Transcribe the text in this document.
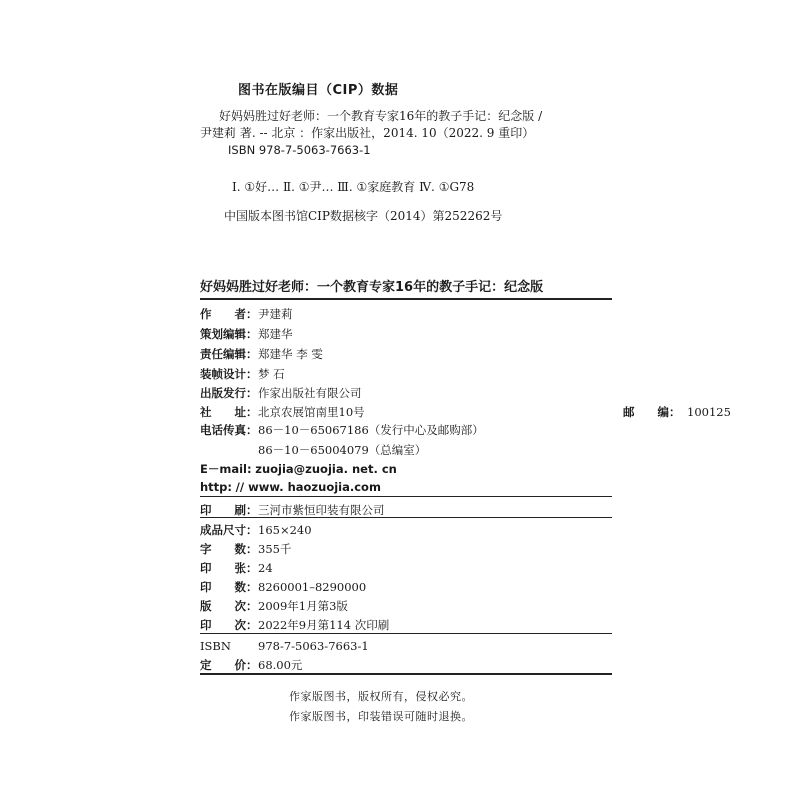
图书在版编目（CIP）数据
好妈妈胜过好老师：一个教育专家16年的教子手记：纪念版 /
尹建莉 著. -- 北京 ：作家出版社，2014. 10（2022. 9 重印）
ISBN 978-7-5063-7663-1
Ⅰ. ①好… Ⅱ. ①尹… Ⅲ. ①家庭教育 Ⅳ. ①G78
中国版本图书馆CIP数据核字（2014）第252262号
好妈妈胜过好老师：一个教育专家16年的教子手记：纪念版
作　　者：尹建莉
策划编辑：郑建华
责任编辑：郑建华 李 雯
装帧设计：梦 石
出版发行：作家出版社有限公司
社　　址：北京农展馆南里10号	邮　　编： 100125
电话传真：86－10－65067186（发行中心及邮购部）
86－10－65004079（总编室）
E－mail: zuojia@zuojia. net. cn
http: // www. haozuojia.com
印　　刷：三河市紫恒印装有限公司
成品尺寸：165×240
字　　数：355千
印　　张：24
印　　数：8260001–8290000
版　　次：2009年1月第3版
印　　次：2022年9月第114 次印刷
ISBN 978-7-5063-7663-1
定　　价：68.00元
作家版图书，版权所有，侵权必究。
作家版图书，印装错误可随时退换。
